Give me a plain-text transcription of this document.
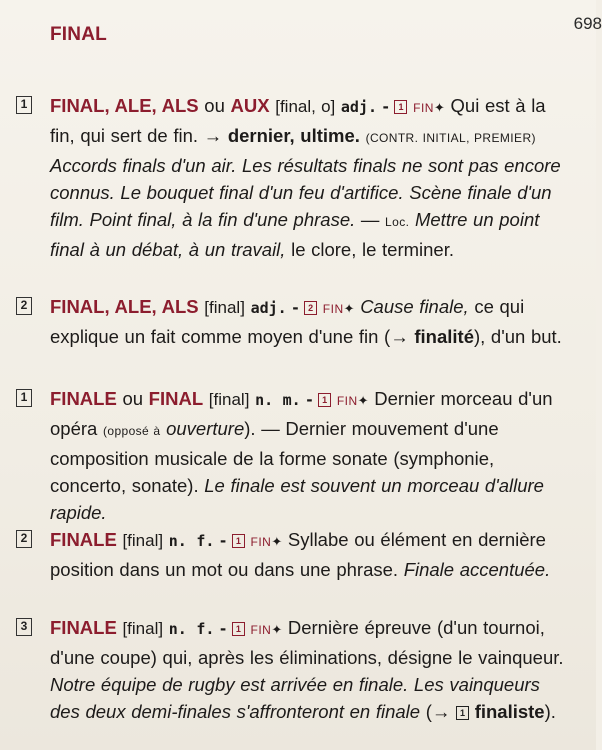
FINAL
698
1 FINAL, ALE, ALS ou AUX [final, o] adj. - 1 FIN✦ Qui est à la fin, qui sert de fin. → dernier, ultime. (CONTR. INITIAL, PREMIER) Accords finals d'un air. Les résultats finals ne sont pas encore connus. Le bouquet final d'un feu d'artifice. Scène finale d'un film. Point final, à la fin d'une phrase. — Loc. Mettre un point final à un débat, à un travail, le clore, le terminer.
2 FINAL, ALE, ALS [final] adj. - 2 FIN✦ Cause finale, ce qui explique un fait comme moyen d'une fin (→ finalité), d'un but.
1 FINALE ou FINAL [final] n. m. - 1 FIN✦ Dernier morceau d'un opéra (opposé à ouverture). — Dernier mouvement d'une composition musicale de la forme sonate (symphonie, concerto, sonate). Le finale est souvent un morceau d'allure rapide.
2 FINALE [final] n. f. - 1 FIN✦ Syllabe ou élément en dernière position dans un mot ou dans une phrase. Finale accentuée.
3 FINALE [final] n. f. - 1 FIN✦ Dernière épreuve (d'un tournoi, d'une coupe) qui, après les éliminations, désigne le vainqueur. Notre équipe de rugby est arrivée en finale. Les vainqueurs des deux demi-finales s'affronteront en finale (→ 1 finaliste).
